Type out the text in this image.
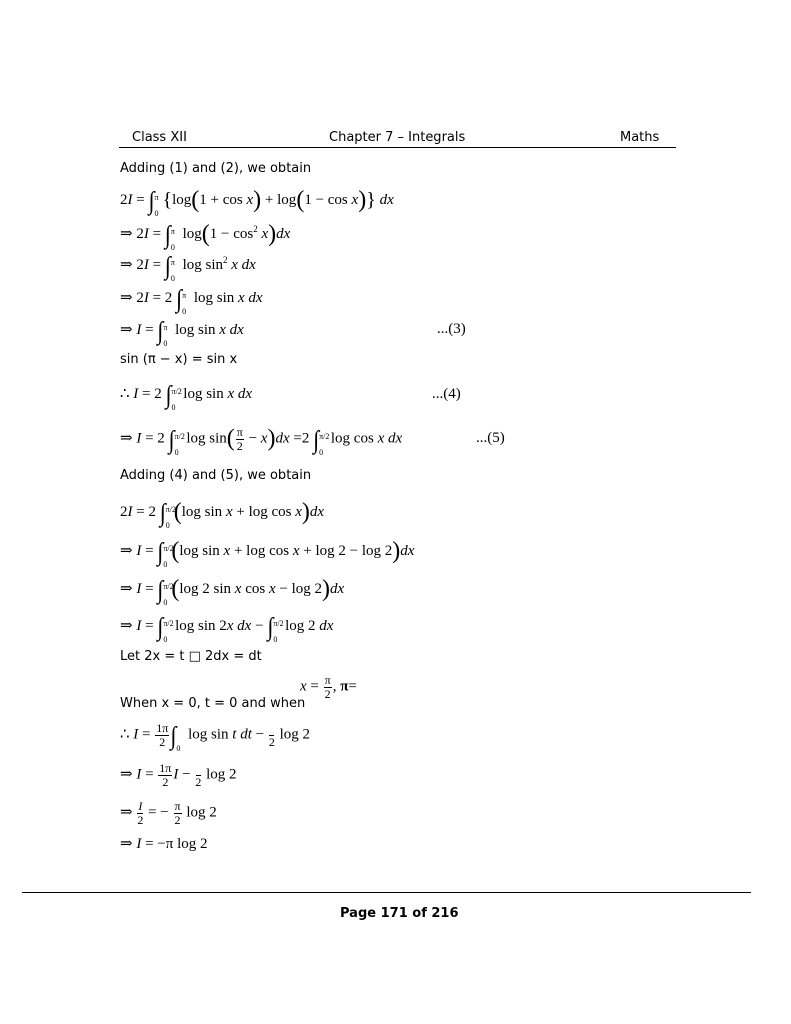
Class XII	Chapter 7 – Integrals	Maths
Adding (1) and (2), we obtain
2I = ∫ π
0
{log(1 + cos x) + log(1 − cos x)} dx
⇒ 2I = ∫ π
0
$\log(1 - \cos^2 x)dx$
⇒ 2I = ∫ π
0
$\log \sin^2 x$ dx
⇒ 2I = 2 ∫ π
0
log sin x dx
⇒ I = ∫ π
0
log sin x dx	...(3)
sin (π − x) = sin x
∴ I = 2 ∫ π/2
0
log sin x dx	...(4)
⇒ I = 2 ∫ π/2
0
$\log \sin( \frac{\pi}{2} - x)dx =2$ ∫ π/2
0
log cos x dx	...(5)
Adding (4) and (5), we obtain
2I = 2 ∫ π/2
0
(log sin x + log cos x)dx
⇒ I = ∫ π/2
0
(log sin x + log cos x + log 2 − log 2)dx
⇒ I = ∫ π/2
0
(log 2 sin x cos x − log 2)dx
⇒ I = ∫ π/2
0
log sin 2x dx − ∫ π/2
0
log 2 dx
Let 2x = t □ 2dx = dt
When x = 0, t = 0 and when
$x = \frac{\pi}{2}$ , π=
∴ $I = \frac{1\pi}{2}$ ∫ 0
log sin t dt −
2 log 2
⇒ $I = \frac{1\pi}{2}$ I −
2 log 2
⇒ $\frac{I}{2}$ = − $\frac{\pi}{2}$ log 2
⇒ I = −π log 2
Page 171 of 216
